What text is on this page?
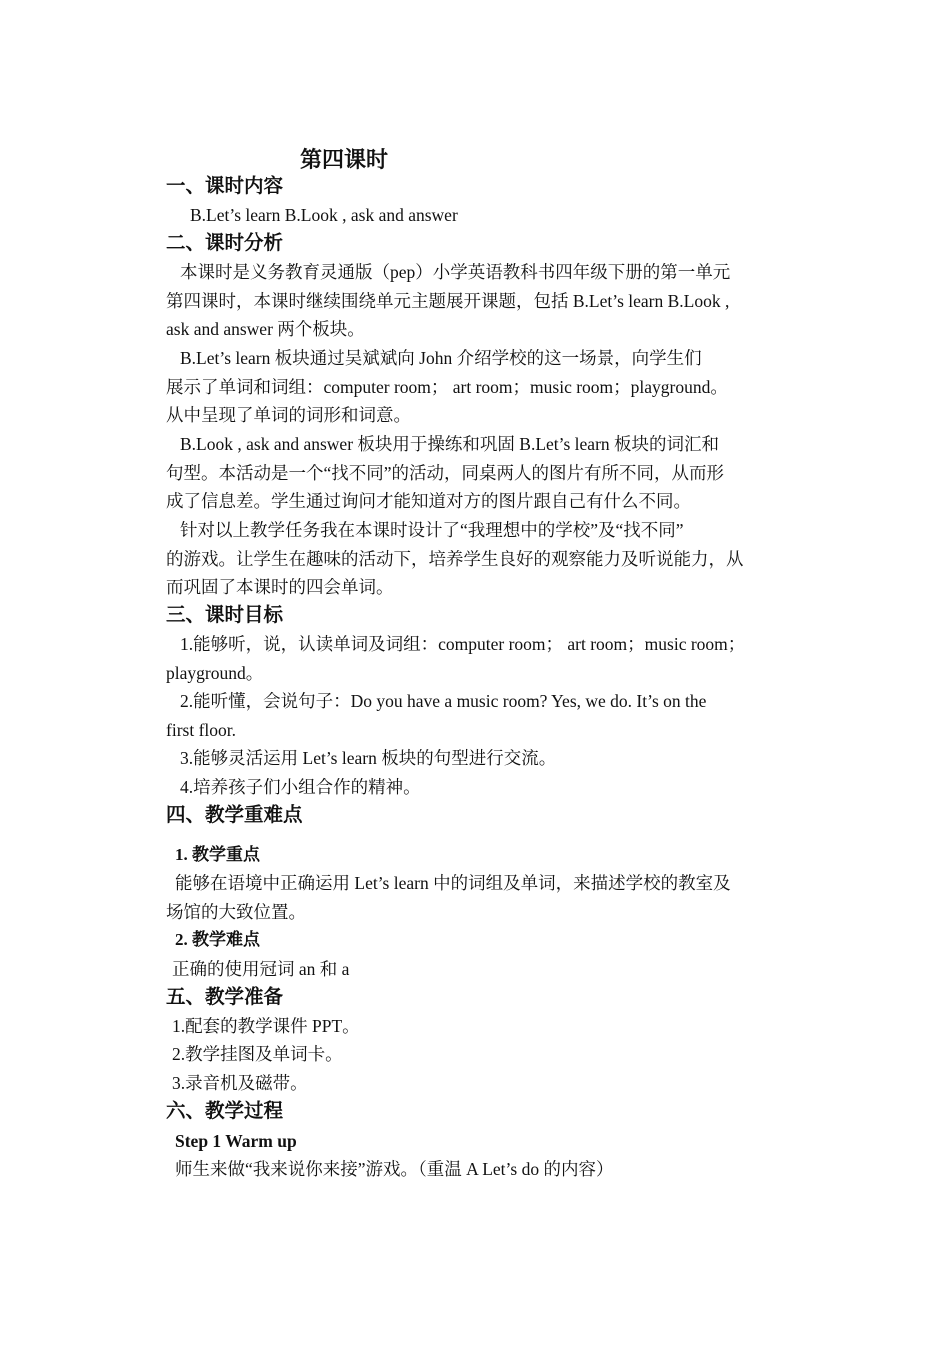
第四课时
一、课时内容
B.Let’s learn B.Look , ask and answer
二、课时分析
本课时是义务教育灵通版（pep）小学英语教科书四年级下册的第一单元
第四课时，本课时继续围绕单元主题展开课题，包括 B.Let’s learn B.Look ,
ask and answer 两个板块。
B.Let’s learn 板块通过吴斌斌向 John 介绍学校的这一场景，向学生们
展示了单词和词组：computer room； art room；music room；playground。
从中呈现了单词的词形和词意。
B.Look , ask and answer 板块用于操练和巩固 B.Let’s learn 板块的词汇和
句型。本活动是一个“找不同”的活动，同桌两人的图片有所不同，从而形
成了信息差。学生通过询问才能知道对方的图片跟自己有什么不同。
针对以上教学任务我在本课时设计了“我理想中的学校”及“找不同”
的游戏。让学生在趣味的活动下，培养学生良好的观察能力及听说能力，从
而巩固了本课时的四会单词。
三、课时目标
1.能够听，说，认读单词及词组：computer room； art room；music room；
playground。
2.能听懂，会说句子：Do you have a music room? Yes, we do. It’s on the
first floor.
3.能够灵活运用 Let’s learn 板块的句型进行交流。
4.培养孩子们小组合作的精神。
四、教学重难点
1. 教学重点
能够在语境中正确运用 Let’s learn 中的词组及单词，来描述学校的教室及
场馆的大致位置。
2. 教学难点
正确的使用冠词 an 和 a
五、教学准备
1.配套的教学课件 PPT。
2.教学挂图及单词卡。
3.录音机及磁带。
六、教学过程
Step 1 Warm up
师生来做“我来说你来接”游戏。（重温 A Let’s do 的内容）
